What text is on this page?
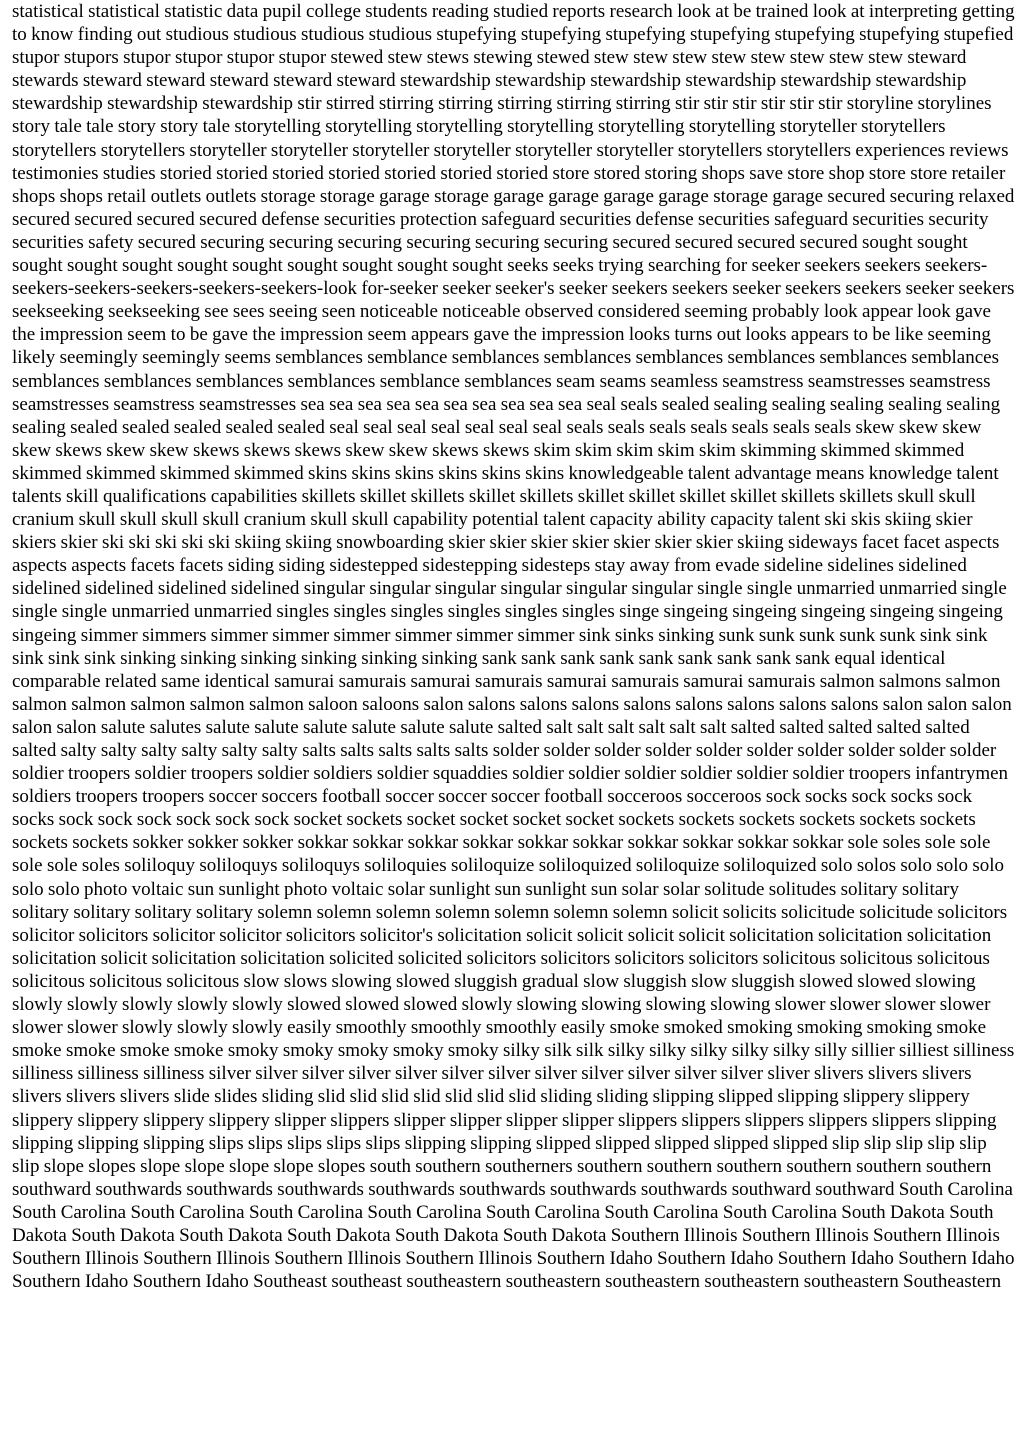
statistical statistical statistic data pupil college students reading studied reports research look at be trained look at interpreting getting to know finding out studious studious studious studious stupefying stupefying stupefying stupefying stupefying stupefying stupefied stupor stupors stupor stupor stupor stupor stewed stew stews stewing stewed stew stew stew stew stew stew stew stew steward stewards steward steward steward steward steward stewardship stewardship stewardship stewardship stewardship stewardship stewardship stewardship stewardship stir stirred stirring stirring stirring stirring stirring stir stir stir stir stir stir storyline storylines story tale tale story story tale storytelling storytelling storytelling storytelling storytelling storytelling storyteller storytellers storytellers storytellers storyteller storyteller storyteller storyteller storyteller storyteller storytellers storytellers experiences reviews testimonies studies storied storied storied storied storied storied storied store stored storing shops save store shop store store retailer shops shops retail outlets outlets storage storage garage storage garage garage garage garage storage garage secured securing relaxed secured secured secured secured defense securities protection safeguard securities defense securities safeguard securities security securities safety secured securing securing securing securing securing securing secured secured secured secured sought sought sought sought sought sought sought sought sought sought sought seeks seeks trying searching for seeker seekers seekers seekers-seekers-seekers-seekers-seekers-seekers-look for-seeker seeker seeker's seeker seekers seekers seeker seekers seekers seeker seekers seekseeking seekseeking see sees seeing seen noticeable noticeable observed considered seeming probably look appear look gave the impression seem to be gave the impression seem appears gave the impression looks turns out looks appears to be like seeming likely seemingly seemingly seems semblances semblance semblances semblances semblances semblances semblances semblances semblances semblances semblances semblances semblance semblances seam seams seamless seamstress seamstresses seamstress seamstresses seamstress seamstresses sea sea sea sea sea sea sea sea sea sea seal seals sealed sealing sealing sealing sealing sealing sealing sealed sealed sealed sealed sealed seal seal seal seal seal seal seal seals seals seals seals seals seals seals skew skew skew skew skews skew skew skews skews skews skew skew skews skews skim skim skim skim skim skimming skimmed skimmed skimmed skimmed skimmed skimmed skins skins skins skins skins skins knowledgeable talent advantage means knowledge talent talents skill qualifications capabilities skillets skillet skillets skillet skillets skillet skillet skillet skillet skillets skillets skull skull cranium skull skull skull skull cranium skull skull capability potential talent capacity ability capacity talent ski skis skiing skier skiers skier ski ski ski ski ski skiing skiing snowboarding skier skier skier skier skier skier skier skiing sideways facet facet aspects aspects aspects facets facets siding siding sidestepped sidestepping sidesteps stay away from evade sideline sidelines sidelined sidelined sidelined sidelined sidelined singular singular singular singular singular singular single single unmarried unmarried single single single unmarried unmarried singles singles singles singles singles singles singe singeing singeing singeing singeing singeing singeing simmer simmers simmer simmer simmer simmer simmer simmer sink sinks sinking sunk sunk sunk sunk sunk sink sink sink sink sink sinking sinking sinking sinking sinking sinking sank sank sank sank sank sank sank sank sank equal identical comparable related same identical samurai samurais samurai samurais samurai samurais samurai samurais salmon salmons salmon salmon salmon salmon salmon salmon saloon saloons salon salons salons salons salons salons salons salons salons salon salon salon salon salon salute salutes salute salute salute salute salute salute salted salt salt salt salt salt salt salted salted salted salted salted salted salty salty salty salty salty salty salts salts salts salts salts solder solder solder solder solder solder solder solder solder solder soldier troopers soldier troopers soldier soldiers soldier squaddies soldier soldier soldier soldier soldier soldier troopers infantrymen soldiers troopers troopers soccer soccers football soccer soccer soccer football socceroos socceroos sock socks sock socks sock socks sock sock sock sock sock sock socket sockets socket socket socket socket sockets sockets sockets sockets sockets sockets sockets sockets sokker sokker sokker sokkar sokkar sokkar sokkar sokkar sokkar sokkar sokkar sokkar sokkar sole soles sole sole sole sole soles soliloquy soliloquys soliloquys soliloquies soliloquize soliloquized soliloquize soliloquized solo solos solo solo solo solo solo photo voltaic sun sunlight photo voltaic solar sunlight sun sunlight sun solar solar solitude solitudes solitary solitary solitary solitary solitary solitary solemn solemn solemn solemn solemn solemn solemn solicit solicits solicitude solicitude solicitors solicitor solicitors solicitor solicitor solicitors solicitor's solicitation solicit solicit solicit solicit solicitation solicitation solicitation solicitation solicit solicitation solicitation solicited solicited solicitors solicitors solicitors solicitors solicitous solicitous solicitous solicitous solicitous solicitous slow slows slowing slowed sluggish gradual slow sluggish slow sluggish slowed slowed slowing slowly slowly slowly slowly slowly slowed slowed slowed slowly slowing slowing slowing slowing slower slower slower slower slower slower slowly slowly slowly easily smoothly smoothly smoothly easily smoke smoked smoking smoking smoking smoke smoke smoke smoke smoke smoky smoky smoky smoky smoky silky silk silk silky silky silky silky silky silly sillier silliest silliness silliness silliness silliness silver silver silver silver silver silver silver silver silver silver silver silver sliver slivers slivers slivers slivers slivers slivers slide slides sliding slid slid slid slid slid slid slid sliding sliding slipping slipped slipping slippery slippery slippery slippery slippery slippery slipper slippers slipper slipper slipper slipper slippers slippers slippers slippers slippers slipping slipping slipping slipping slips slips slips slips slips slipping slipping slipped slipped slipped slipped slipped slip slip slip slip slip slip slope slopes slope slope slope slope slopes south southern southerners southern southern southern southern southern southern southward southwards southwards southwards southwards southwards southwards southwards southward southward South Carolina South Carolina South Carolina South Carolina South Carolina South Carolina South Carolina South Carolina South Dakota South Dakota South Dakota South Dakota South Dakota South Dakota South Dakota Southern Illinois Southern Illinois Southern Illinois Southern Illinois Southern Illinois Southern Illinois Southern Illinois Southern Idaho Southern Idaho Southern Idaho Southern Idaho Southern Idaho Southern Idaho Southeast southeast southeastern southeastern southeastern southeastern southeastern Southeastern
